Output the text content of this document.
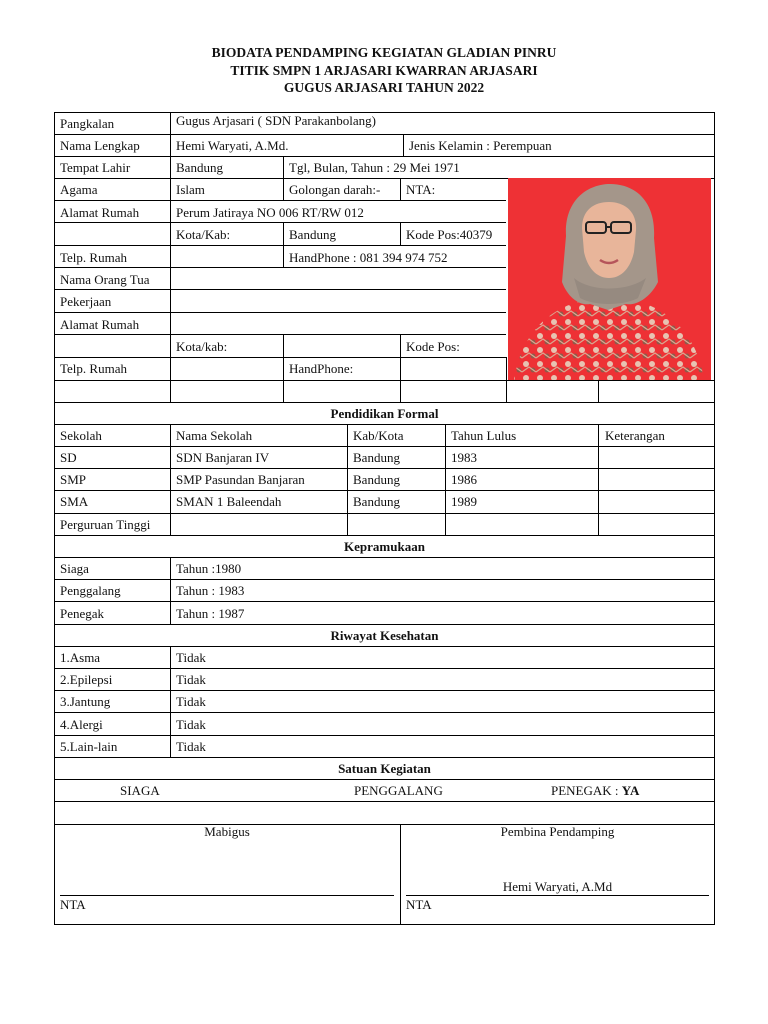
BIODATA PENDAMPING KEGIATAN GLADIAN PINRU
TITIK SMPN 1 ARJASARI KWARRAN ARJASARI
GUGUS ARJASARI TAHUN 2022
Pangkalan	Gugus Arjasari ( SDN Parakanbolang)
Nama Lengkap	Hemi Waryati, A.Md.	Jenis Kelamin : Perempuan
Tempat Lahir	Bandung	Tgl, Bulan, Tahun : 29 Mei 1971
Agama	Islam	Golongan darah:- NTA:
Alamat Rumah	Perum Jatiraya NO 006 RT/RW 012
Kota/Kab:	Bandung	Kode Pos:40379
Telp. Rumah	HandPhone : 081 394 974 752
Nama Orang Tua
Pekerjaan
Alamat Rumah
Kota/kab:	Kode Pos:
Telp. Rumah	HandPhone:
Pendidikan Formal
Sekolah	Nama Sekolah	Kab/Kota	Tahun Lulus	Keterangan
SD	SDN Banjaran IV	Bandung	1983
SMP	SMP Pasundan Banjaran	Bandung	1986
SMA	SMAN 1 Baleendah	Bandung	1989
Perguruan Tinggi
Kepramukaan
Siaga	Tahun :1980
Penggalang	Tahun : 1983
Penegak	Tahun : 1987
Riwayat Kesehatan
1.Asma	Tidak
2.Epilepsi	Tidak
3.Jantung	Tidak
4.Alergi	Tidak
5.Lain-lain	Tidak
Satuan Kegiatan
SIAGA	PENGGALANG	PENEGAK : YA
Mabigus	Pembina Pendamping
Hemi Waryati, A.Md
NTA	NTA
